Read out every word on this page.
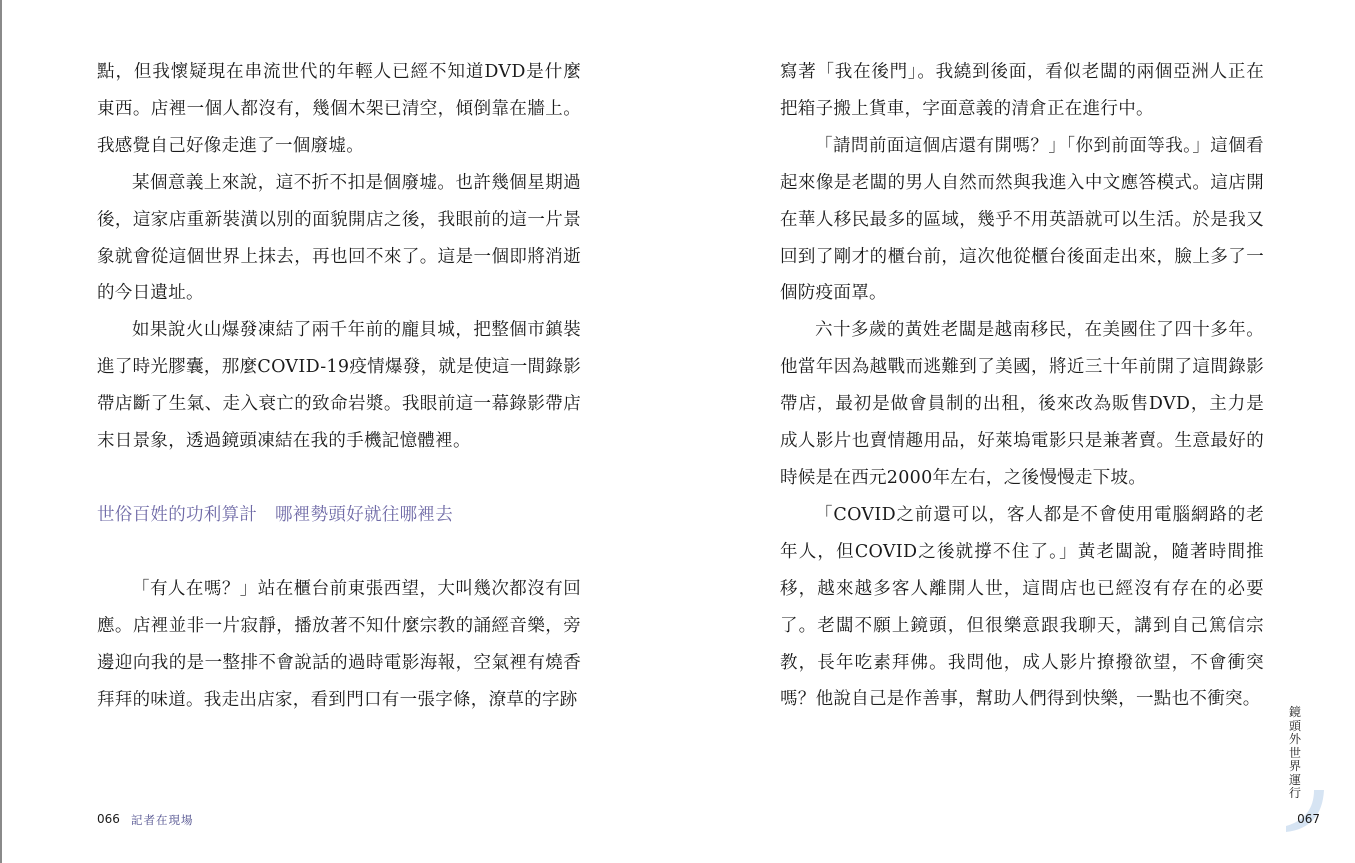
點，但我懷疑現在串流世代的年輕人已經不知道DVD是什麼東西。店裡一個人都沒有，幾個木架已清空，傾倒靠在牆上。我感覺自己好像走進了一個廢墟。

某個意義上來說，這不折不扣是個廢墟。也許幾個星期過後，這家店重新裝潢以別的面貌開店之後，我眼前的這一片景象就會從這個世界上抹去，再也回不來了。這是一個即將消逝的今日遺址。

如果說火山爆發凍結了兩千年前的龐貝城，把整個市鎮裝進了時光膠囊，那麼COVID-19疫情爆發，就是使這一間錄影帶店斷了生氣、走入衰亡的致命岩漿。我眼前這一幕錄影帶店末日景象，透過鏡頭凍結在我的手機記憶體裡。

世俗百姓的功利算計　哪裡勢頭好就往哪裡去

「有人在嗎？」站在櫃台前東張西望，大叫幾次都沒有回應。店裡並非一片寂靜，播放著不知什麼宗教的誦經音樂，旁邊迎向我的是一整排不會說話的過時電影海報，空氣裡有燒香拜拜的味道。我走出店家，看到門口有一張字條，潦草的字跡

066 記者在現場

寫著「我在後門」。我繞到後面，看似老闆的兩個亞洲人正在把箱子搬上貨車，字面意義的清倉正在進行中。

「請問前面這個店還有開嗎？」「你到前面等我。」這個看起來像是老闆的男人自然而然與我進入中文應答模式。這店開在華人移民最多的區域，幾乎不用英語就可以生活。於是我又回到了剛才的櫃台前，這次他從櫃台後面走出來，臉上多了一個防疫面罩。

六十多歲的黃姓老闆是越南移民，在美國住了四十多年。他當年因為越戰而逃難到了美國，將近三十年前開了這間錄影帶店，最初是做會員制的出租，後來改為販售DVD，主力是成人影片也賣情趣用品，好萊塢電影只是兼著賣。生意最好的時候是在西元2000年左右，之後慢慢走下坡。

「COVID之前還可以，客人都是不會使用電腦網路的老年人，但COVID之後就撐不住了。」黃老闆說，隨著時間推移，越來越多客人離開人世，這間店也已經沒有存在的必要了。老闆不願上鏡頭，但很樂意跟我聊天，講到自己篤信宗教，長年吃素拜佛。我問他，成人影片撩撥欲望，不會衝突嗎？他說自己是作善事，幫助人們得到快樂，一點也不衝突。

鏡頭外世界運行
067
